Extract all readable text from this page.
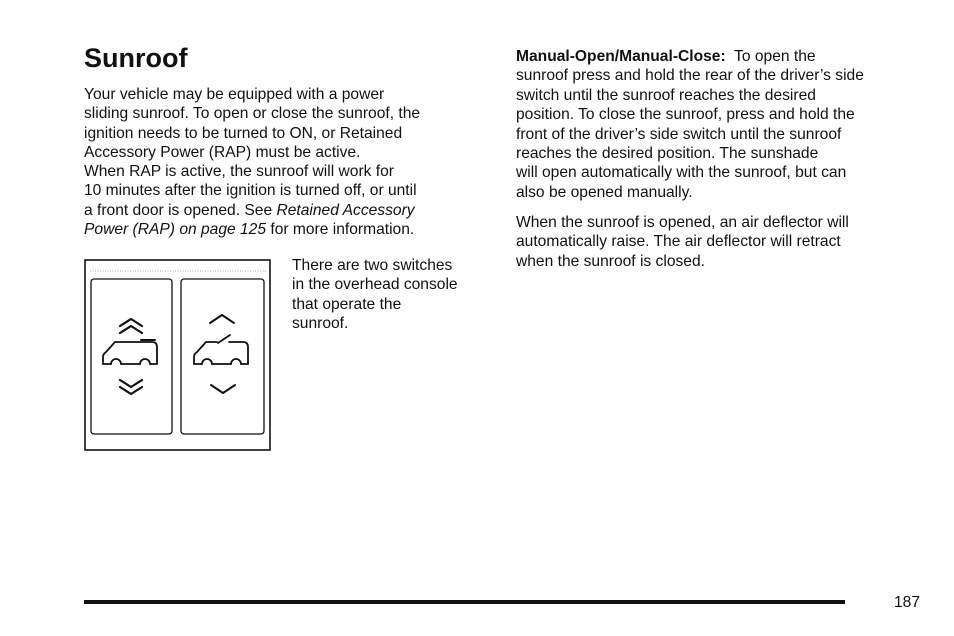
Sunroof

Your vehicle may be equipped with a power
sliding sunroof. To open or close the sunroof, the
ignition needs to be turned to ON, or Retained
Accessory Power (RAP) must be active.

When RAP is active, the sunroof will work for
10 minutes after the ignition is turned off, or until
a front door is opened. See Retained Accessory
Power (RAP) on page 125 for more information.

There are two switches
in the overhead console
that operate the
sunroof.

Manual-Open/Manual-Close:  To open the
sunroof press and hold the rear of the driver’s side
switch until the sunroof reaches the desired
position. To close the sunroof, press and hold the
front of the driver’s side switch until the sunroof
reaches the desired position. The sunshade
will open automatically with the sunroof, but can
also be opened manually.

When the sunroof is opened, an air deflector will
automatically raise. The air deflector will retract
when the sunroof is closed.

187
